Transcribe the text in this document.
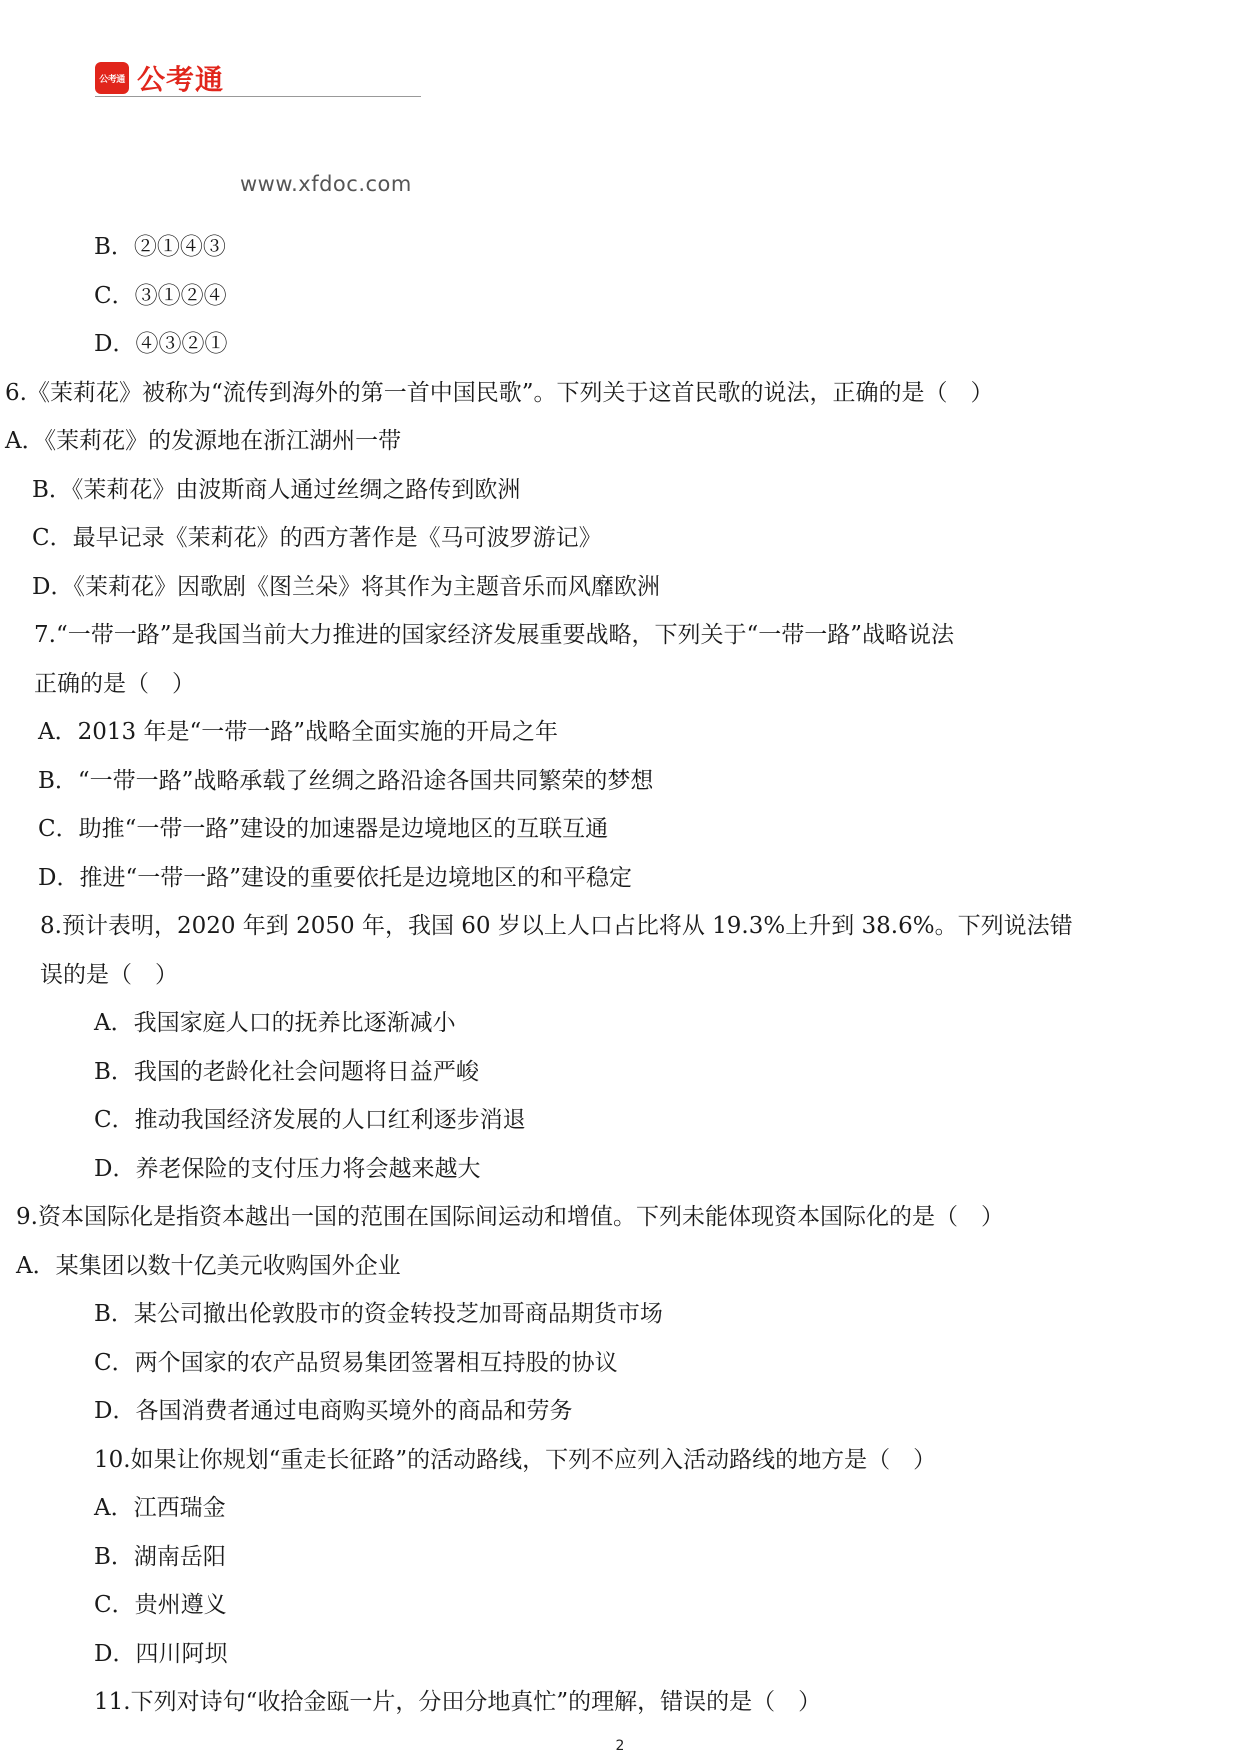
公考通 公考通
www.xfdoc.com
B．②①④③
C．③①②④
D．④③②①
6.《茉莉花》被称为“流传到海外的第一首中国民歌”。下列关于这首民歌的说法，正确的是（　）
A．《茉莉花》的发源地在浙江湖州一带
B．《茉莉花》由波斯商人通过丝绸之路传到欧洲
C．最早记录《茉莉花》的西方著作是《马可波罗游记》
D．《茉莉花》因歌剧《图兰朵》将其作为主题音乐而风靡欧洲
7.“一带一路”是我国当前大力推进的国家经济发展重要战略，下列关于“一带一路”战略说法
正确的是（　）
A．2013 年是“一带一路”战略全面实施的开局之年
B．“一带一路”战略承载了丝绸之路沿途各国共同繁荣的梦想
C．助推“一带一路”建设的加速器是边境地区的互联互通
D．推进“一带一路”建设的重要依托是边境地区的和平稳定
8.预计表明，2020 年到 2050 年，我国 60 岁以上人口占比将从 19.3%上升到 38.6%。下列说法错
误的是（　）
A．我国家庭人口的抚养比逐渐减小
B．我国的老龄化社会问题将日益严峻
C．推动我国经济发展的人口红利逐步消退
D．养老保险的支付压力将会越来越大
9.资本国际化是指资本越出一国的范围在国际间运动和增值。下列未能体现资本国际化的是（　）
A．某集团以数十亿美元收购国外企业
B．某公司撤出伦敦股市的资金转投芝加哥商品期货市场
C．两个国家的农产品贸易集团签署相互持股的协议
D．各国消费者通过电商购买境外的商品和劳务
10.如果让你规划“重走长征路”的活动路线，下列不应列入活动路线的地方是（　）
A．江西瑞金
B．湖南岳阳
C．贵州遵义
D．四川阿坝
11.下列对诗句“收拾金瓯一片，分田分地真忙”的理解，错误的是（　）
2
